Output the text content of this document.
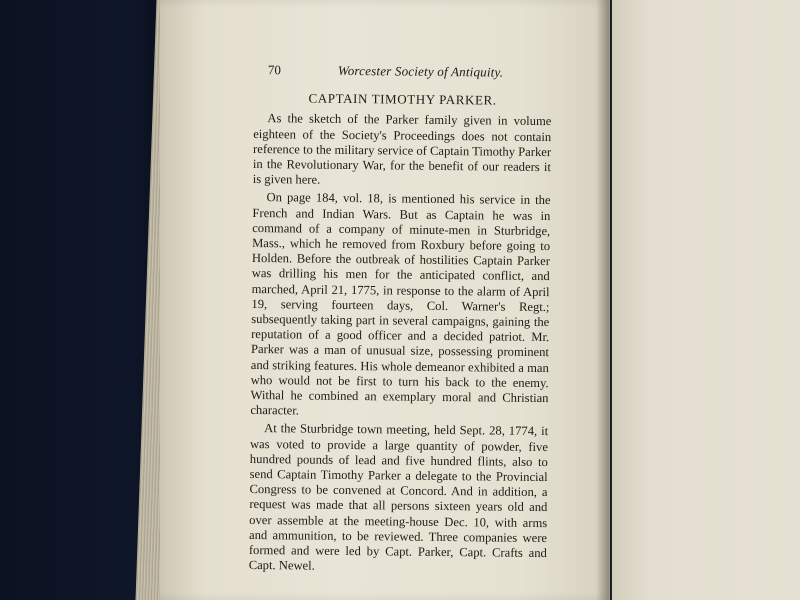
70	Worcester Society of Antiquity.
CAPTAIN TIMOTHY PARKER.

As the sketch of the Parker family given in volume eighteen of the Society's Proceedings does not contain reference to the military service of Captain Timothy Parker in the Revolutionary War, for the benefit of our readers it is given here.

On page 184, vol. 18, is mentioned his service in the French and Indian Wars. But as Captain he was in command of a company of minute-men in Sturbridge, Mass., which he removed from Roxbury before going to Holden. Before the outbreak of hostilities Captain Parker was drilling his men for the anticipated conflict, and marched, April 21, 1775, in response to the alarm of April 19, serving fourteen days, Col. Warner's Regt.; subsequently taking part in several campaigns, gaining the reputation of a good officer and a decided patriot. Mr. Parker was a man of unusual size, possessing prominent and striking features. His whole demeanor exhibited a man who would not be first to turn his back to the enemy. Withal he combined an exemplary moral and Christian character.

At the Sturbridge town meeting, held Sept. 28, 1774, it was voted to provide a large quantity of powder, five hundred pounds of lead and five hundred flints, also to send Captain Timothy Parker a delegate to the Provincial Congress to be convened at Concord. And in addition, a request was made that all persons sixteen years old and over assemble at the meeting-house Dec. 10, with arms and ammunition, to be reviewed. Three companies were formed and were led by Capt. Parker, Capt. Crafts and Capt. Newel.
